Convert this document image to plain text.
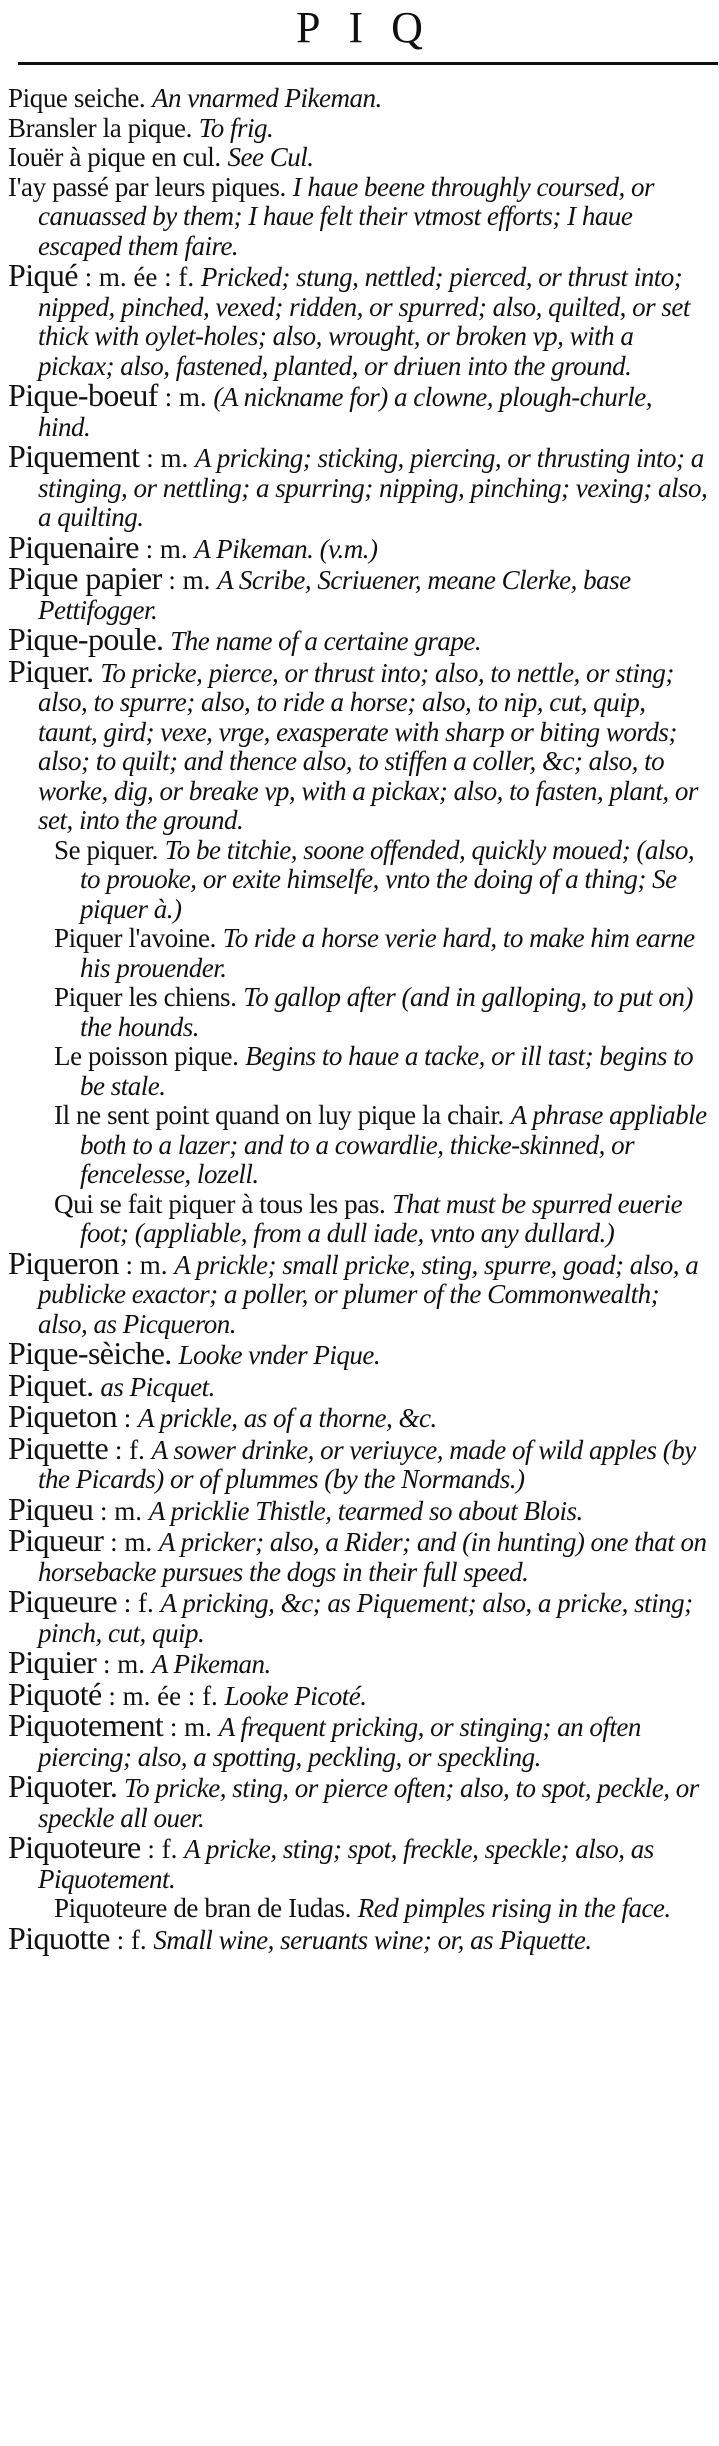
PIQ

Pique seiche. An vnarmed Pikeman.

Bransler la pique. To frig.

Iouër à pique en cul. See Cul.

I'ay passé par leurs piques. I haue beene throughly coursed, or canuassed by them; I haue felt their vtmost efforts; I haue escaped them faire.

Piqué : m. ée : f. Pricked; stung, nettled; pierced, or thrust into; nipped, pinched, vexed; ridden, or spurred; also, quilted, or set thick with oylet-holes; also, wrought, or broken vp, with a pickax; also, fastened, planted, or driuen into the ground.

Pique-boeuf : m. (A nickname for) a clowne, plough-churle, hind.

Piquement : m. A pricking; sticking, piercing, or thrusting into; a stinging, or nettling; a spurring; nipping, pinching; vexing; also, a quilting.

Piquenaire : m. A Pikeman. (v.m.)

Pique papier : m. A Scribe, Scriuener, meane Clerke, base Pettifogger.

Pique-poule. The name of a certaine grape.

Piquer. To pricke, pierce, or thrust into; also, to nettle, or sting; also, to spurre; also, to ride a horse; also, to nip, cut, quip, taunt, gird; vexe, vrge, exasperate with sharp or biting words; also; to quilt; and thence also, to stiffen a coller, &c; also, to worke, dig, or breake vp, with a pickax; also, to fasten, plant, or set, into the ground.

Se piquer. To be titchie, soone offended, quickly moued; (also, to prouoke, or exite himselfe, vnto the doing of a thing; Se piquer à.)

Piquer l'avoine. To ride a horse verie hard, to make him earne his prouender.

Piquer les chiens. To gallop after (and in galloping, to put on) the hounds.

Le poisson pique. Begins to haue a tacke, or ill tast; begins to be stale.

Il ne sent point quand on luy pique la chair. A phrase appliable both to a lazer; and to a cowardlie, thicke-skinned, or fencelesse, lozell.

Qui se fait piquer à tous les pas. That must be spurred euerie foot; (appliable, from a dull iade, vnto any dullard.)

Piqueron : m. A prickle; small pricke, sting, spurre, goad; also, a publicke exactor; a poller, or plumer of the Commonwealth; also, as Picqueron.

Pique-sèiche. Looke vnder Pique.

Piquet. as Picquet.

Piqueton : A prickle, as of a thorne, &c.

Piquette : f. A sower drinke, or veriuyce, made of wild apples (by the Picards) or of plummes (by the Normands.)

Piqueu : m. A pricklie Thistle, tearmed so about Blois.

Piqueur : m. A pricker; also, a Rider; and (in hunting) one that on horsebacke pursues the dogs in their full speed.

Piqueure : f. A pricking, &c; as Piquement; also, a pricke, sting; pinch, cut, quip.

Piquier : m. A Pikeman.

Piquoté : m. ée : f. Looke Picoté.

Piquotement : m. A frequent pricking, or stinging; an often piercing; also, a spotting, peckling, or speckling.

Piquoter. To pricke, sting, or pierce often; also, to spot, peckle, or speckle all ouer.

Piquoteure : f. A pricke, sting; spot, freckle, speckle; also, as Piquotement.

Piquoteure de bran de Iudas. Red pimples rising in the face.

Piquotte : f. Small wine, seruants wine; or, as Piquette.
